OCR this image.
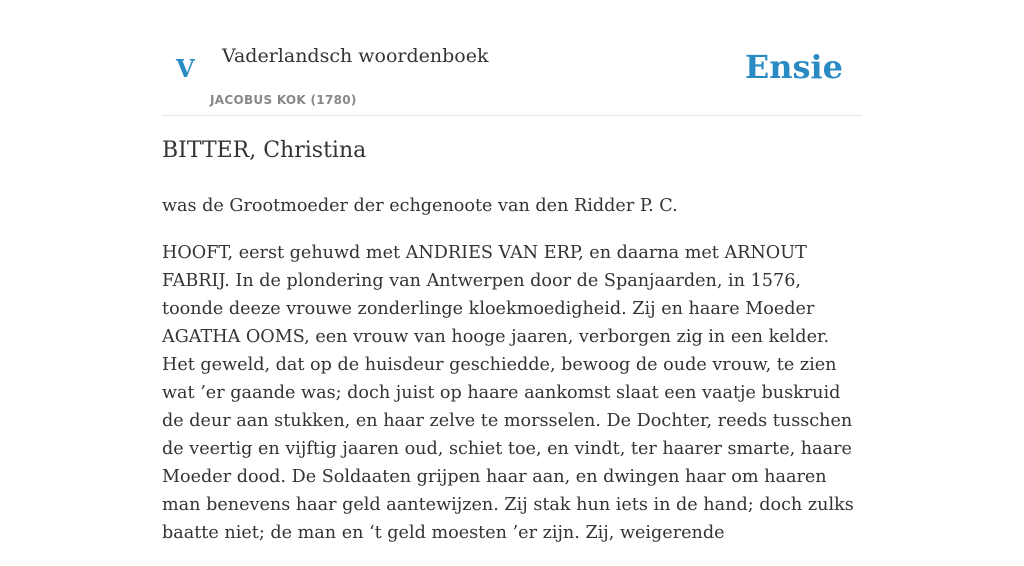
V Vaderlandsch woordenboek
JACOBUS KOK (1780)
Ensie
BITTER, Christina

was de Grootmoeder der echgenoote van den Ridder P. C.

HOOFT, eerst gehuwd met ANDRIES VAN ERP, en daarna met ARNOUT FABRIJ. In de plondering van Antwerpen door de Spanjaarden, in 1576, toonde deeze vrouwe zonderlinge kloekmoedigheid. Zij en haare Moeder AGATHA OOMS, een vrouw van hooge jaaren, verborgen zig in een kelder. Het geweld, dat op de huisdeur geschiedde, bewoog de oude vrouw, te zien wat ’er gaande was; doch juist op haare aankomst slaat een vaatje buskruid de deur aan stukken, en haar zelve te morsselen. De Dochter, reeds tusschen de veertig en vijftig jaaren oud, schiet toe, en vindt, ter haarer smarte, haare Moeder dood. De Soldaaten grijpen haar aan, en dwingen haar om haaren man benevens haar geld aantewijzen. Zij stak hun iets in de hand; doch zulks baatte niet; de man en ‘t geld moesten ’er zijn. Zij, weigerende
